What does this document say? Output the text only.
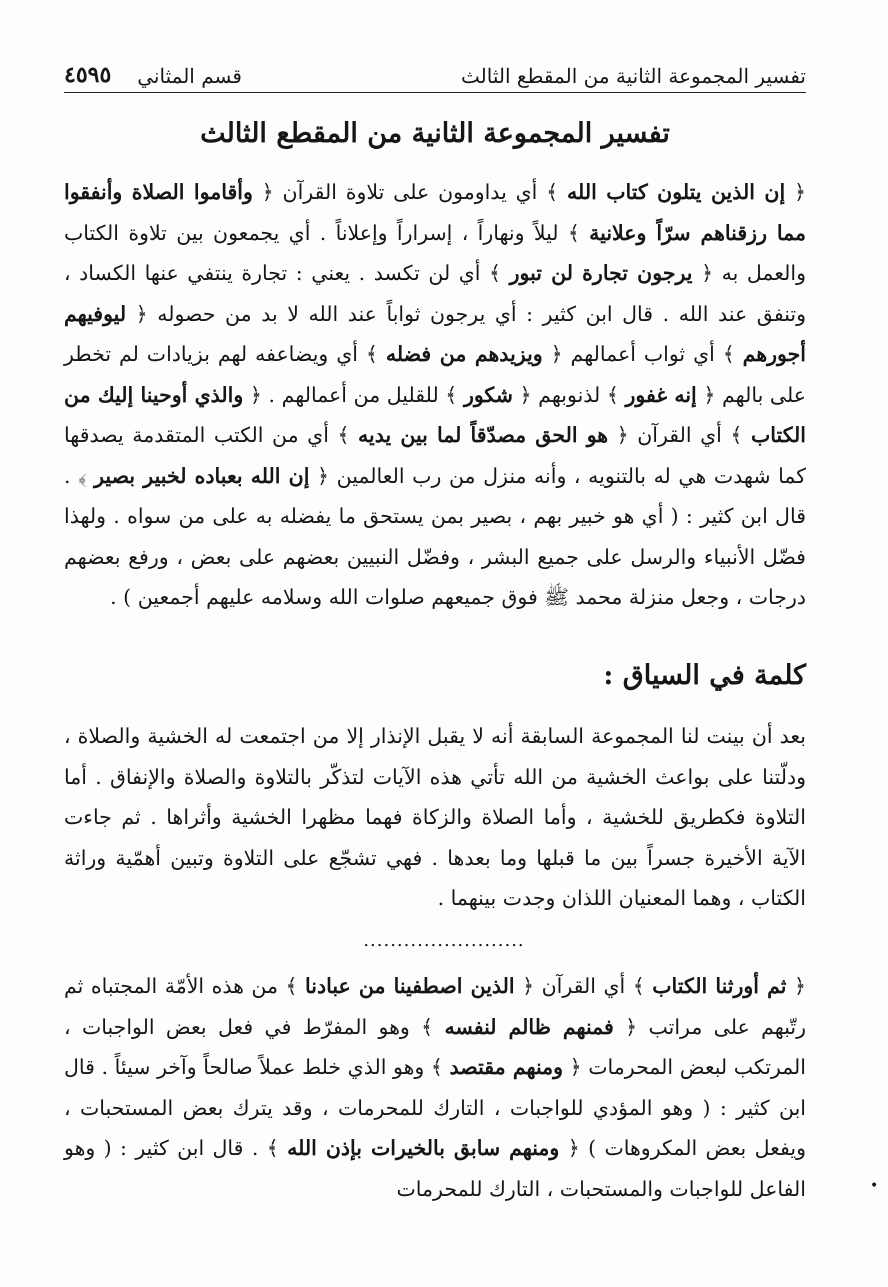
تفسير المجموعة الثانية من المقطع الثالث
قسم المثاني
٤٥٩٥
تفسير المجموعة الثانية من المقطع الثالث
﴿ إن الذين يتلون كتاب الله ﴾ أي يداومون على تلاوة القرآن ﴿ وأقاموا الصلاة وأنفقوا مما رزقناهم سرّاً وعلانية ﴾ ليلاً ونهاراً ، إسراراً وإعلاناً . أي يجمعون بين تلاوة الكتاب والعمل به ﴿ يرجون تجارة لن تبور ﴾ أي لن تكسد . يعني : تجارة ينتفي عنها الكساد ، وتنفق عند الله . قال ابن كثير : أي يرجون ثواباً عند الله لا بد من حصوله ﴿ ليوفيهم أجورهم ﴾ أي ثواب أعمالهم ﴿ ويزيدهم من فضله ﴾ أي ويضاعفه لهم بزيادات لم تخطر على بالهم ﴿ إنه غفور ﴾ لذنوبهم ﴿ شكور ﴾ للقليل من أعمالهم . ﴿ والذي أوحينا إليك من الكتاب ﴾ أي القرآن ﴿ هو الحق مصدّقاً لما بين يديه ﴾ أي من الكتب المتقدمة يصدقها كما شهدت هي له بالتنويه ، وأنه منزل من رب العالمين ﴿ إن الله بعباده لخبير بصير ﴾ . قال ابن كثير : ( أي هو خبير بهم ، بصير بمن يستحق ما يفضله به على من سواه . ولهذا فضّل الأنبياء والرسل على جميع البشر ، وفضّل النبيين بعضهم على بعض ، ورفع بعضهم درجات ، وجعل منزلة محمد ﷺ فوق جميعهم صلوات الله وسلامه عليهم أجمعين ) .
كلمة في السياق :
بعد أن بينت لنا المجموعة السابقة أنه لا يقبل الإنذار إلا من اجتمعت له الخشية والصلاة ، ودلّتنا على بواعث الخشية من الله تأتي هذه الآيات لتذكّر بالتلاوة والصلاة والإنفاق . أما التلاوة فكطريق للخشية ، وأما الصلاة والزكاة فهما مظهرا الخشية وأثراها . ثم جاءت الآية الأخيرة جسراً بين ما قبلها وما بعدها . فهي تشجّع على التلاوة وتبين أهمّية وراثة الكتاب ، وهما المعنيان اللذان وجدت بينهما .
........................
﴿ ثم أورثنا الكتاب ﴾ أي القرآن ﴿ الذين اصطفينا من عبادنا ﴾ من هذه الأمّة المجتباه ثم رتّبهم على مراتب ﴿ فمنهم ظالم لنفسه ﴾ وهو المفرّط في فعل بعض الواجبات ، المرتكب لبعض المحرمات ﴿ ومنهم مقتصد ﴾ وهو الذي خلط عملاً صالحاً وآخر سيئاً . قال ابن كثير : ( وهو المؤدي للواجبات ، التارك للمحرمات ، وقد يترك بعض المستحبات ، ويفعل بعض المكروهات ) ﴿ ومنهم سابق بالخيرات بإذن الله ﴾ . قال ابن كثير : ( وهو الفاعل للواجبات والمستحبات ، التارك للمحرمات	•
